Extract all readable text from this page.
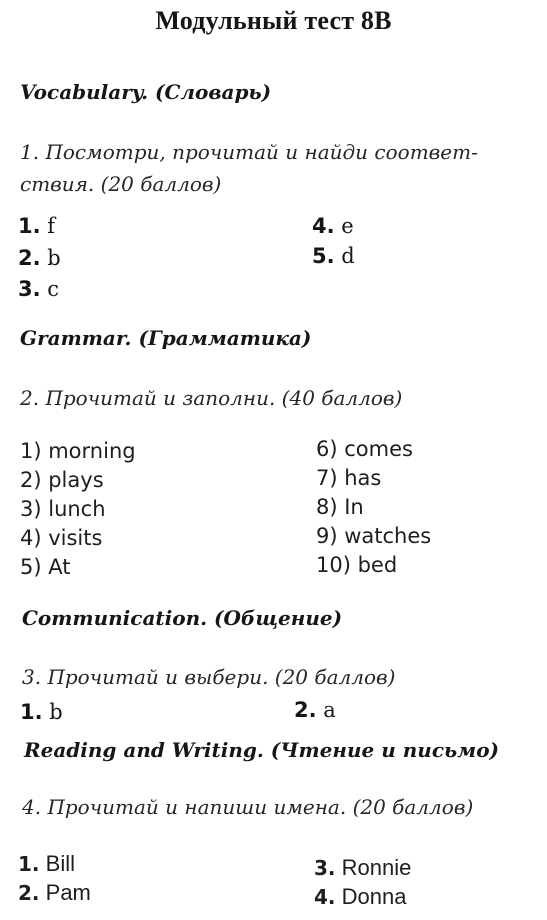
Модульный тест 8B
Vocabulary. (Словарь)
1. Посмотри, прочитай и найди соответ-
ствия. (20 баллов)
1. f
2. b
3. c
4. e
5. d
Grammar. (Грамматика)
2. Прочитай и заполни. (40 баллов)
1) morning
2) plays
3) lunch
4) visits
5) At
6) comes
7) has
8) In
9) watches
10) bed
Communication. (Общение)
3. Прочитай и выбери. (20 баллов)
1. b	2. a
Reading and Writing. (Чтение и письмо)
4. Прочитай и напиши имена. (20 баллов)
1. Bill
2. Pam
3. Ronnie
4. Donna
